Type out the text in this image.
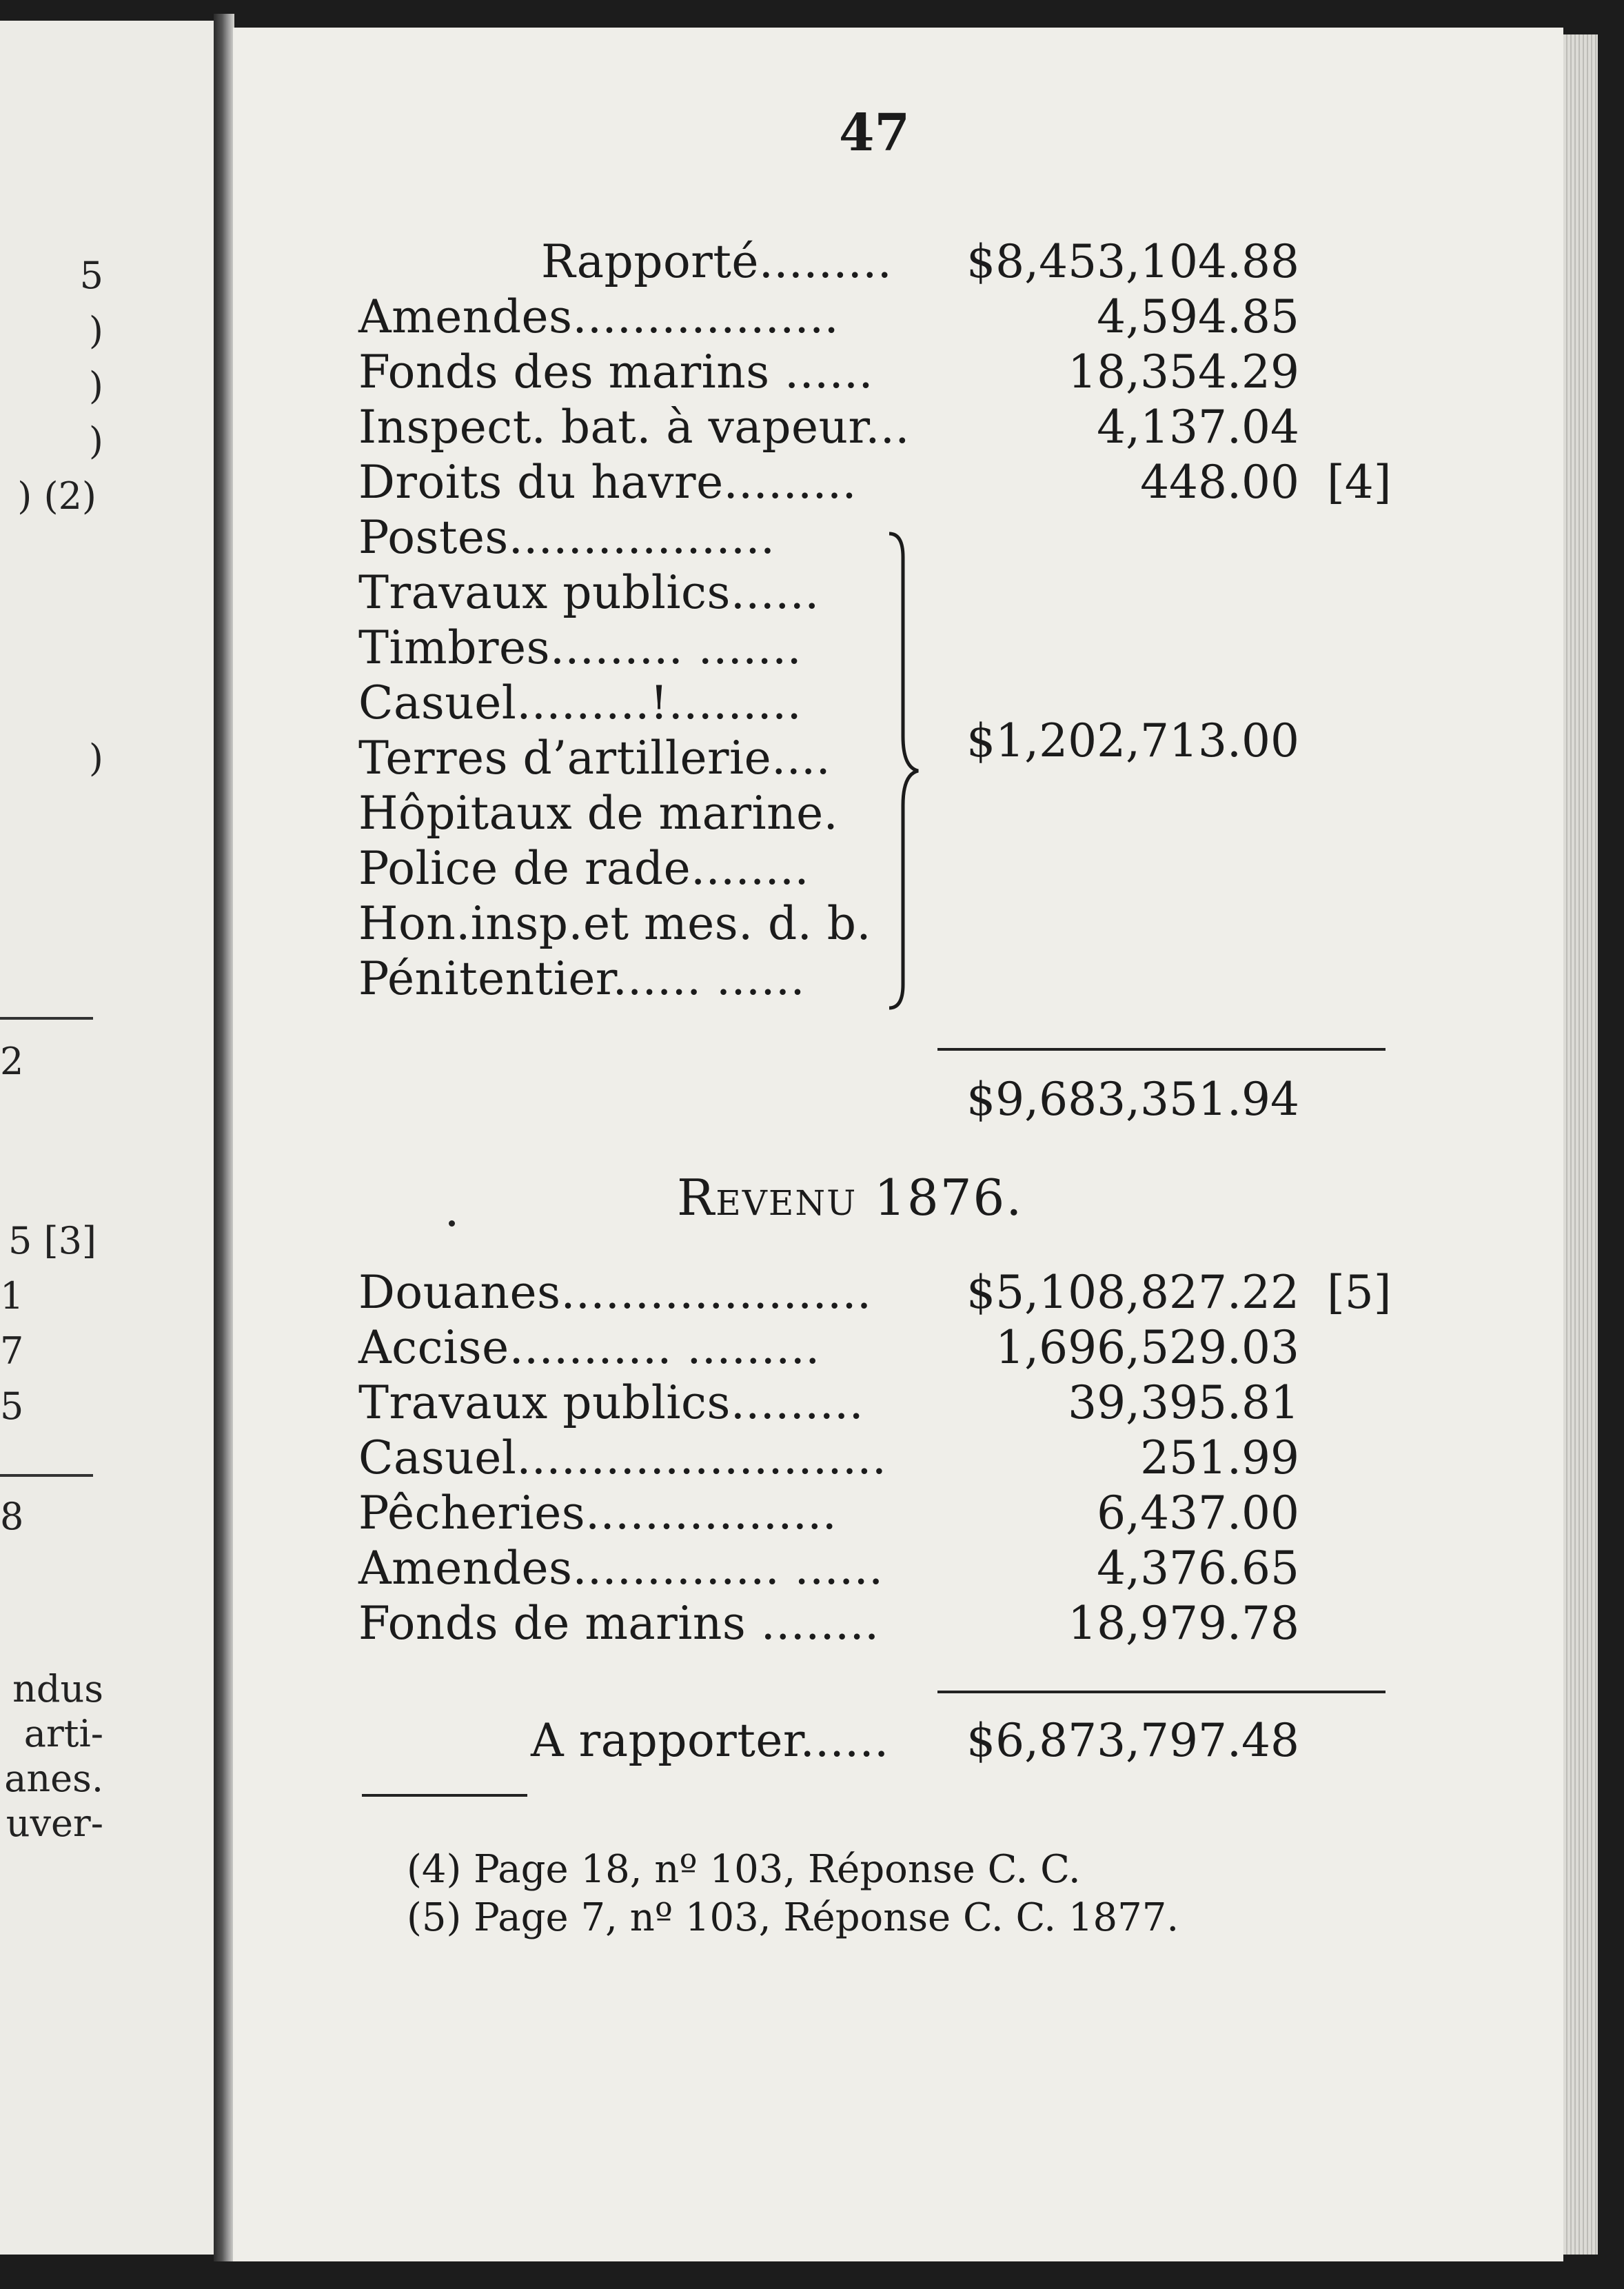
5
)
)
)
) (2)
)
2
5 [3]
1
7
5
8
ndus
arti-
anes.
uver-
47
Rapporté.........	$8,453,104.88
Amendes..................	4,594.85
Fonds des marins ......	18,354.29
Inspect. bat. à vapeur...	4,137.04
Droits du havre.........	448.00 [4]
Postes..................
Travaux publics......
Timbres......... .......
Casuel.........!.........
Terres d’artillerie....
Hôpitaux de marine.
Police de rade........
Hon.insp.et mes. d. b.
Pénitentier...... ......
$1,202,713.00
$9,683,351.94
Revenu 1876.
Douanes.....................	$5,108,827.22 [5]
Accise........... .........	1,696,529.03
Travaux publics.........	39,395.81
Casuel.........................	251.99
Pêcheries.................	6,437.00
Amendes.............. ......	4,376.65
Fonds de marins ........	18,979.78
A rapporter......	$6,873,797.48
(4) Page 18, nº 103, Réponse C. C.
(5) Page 7, nº 103, Réponse C. C. 1877.
